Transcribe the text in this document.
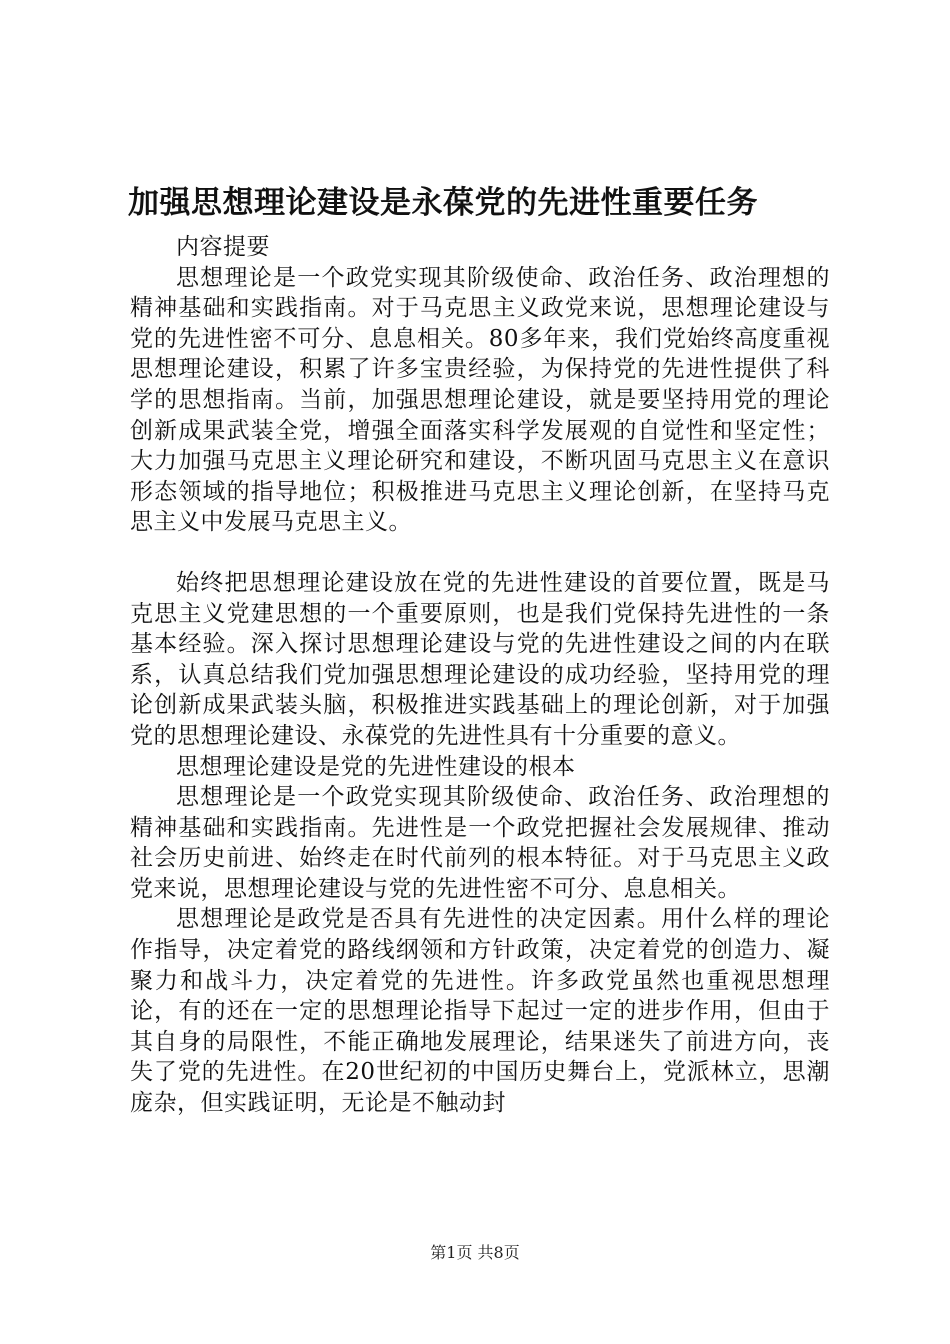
加强思想理论建设是永葆党的先进性重要任务

内容提要

思想理论是一个政党实现其阶级使命、政治任务、政治理想的精神基础和实践指南。对于马克思主义政党来说，思想理论建设与党的先进性密不可分、息息相关。80多年来，我们党始终高度重视思想理论建设，积累了许多宝贵经验，为保持党的先进性提供了科学的思想指南。当前，加强思想理论建设，就是要坚持用党的理论创新成果武装全党，增强全面落实科学发展观的自觉性和坚定性；大力加强马克思主义理论研究和建设，不断巩固马克思主义在意识形态领域的指导地位；积极推进马克思主义理论创新，在坚持马克思主义中发展马克思主义。

始终把思想理论建设放在党的先进性建设的首要位置，既是马克思主义党建思想的一个重要原则，也是我们党保持先进性的一条基本经验。深入探讨思想理论建设与党的先进性建设之间的内在联系，认真总结我们党加强思想理论建设的成功经验，坚持用党的理论创新成果武装头脑，积极推进实践基础上的理论创新，对于加强党的思想理论建设、永葆党的先进性具有十分重要的意义。

思想理论建设是党的先进性建设的根本

思想理论是一个政党实现其阶级使命、政治任务、政治理想的精神基础和实践指南。先进性是一个政党把握社会发展规律、推动社会历史前进、始终走在时代前列的根本特征。对于马克思主义政党来说，思想理论建设与党的先进性密不可分、息息相关。

思想理论是政党是否具有先进性的决定因素。用什么样的理论作指导，决定着党的路线纲领和方针政策，决定着党的创造力、凝聚力和战斗力，决定着党的先进性。许多政党虽然也重视思想理论，有的还在一定的思想理论指导下起过一定的进步作用，但由于其自身的局限性，不能正确地发展理论，结果迷失了前进方向，丧失了党的先进性。在20世纪初的中国历史舞台上，党派林立，思潮庞杂，但实践证明，无论是不触动封

第1页 共8页
